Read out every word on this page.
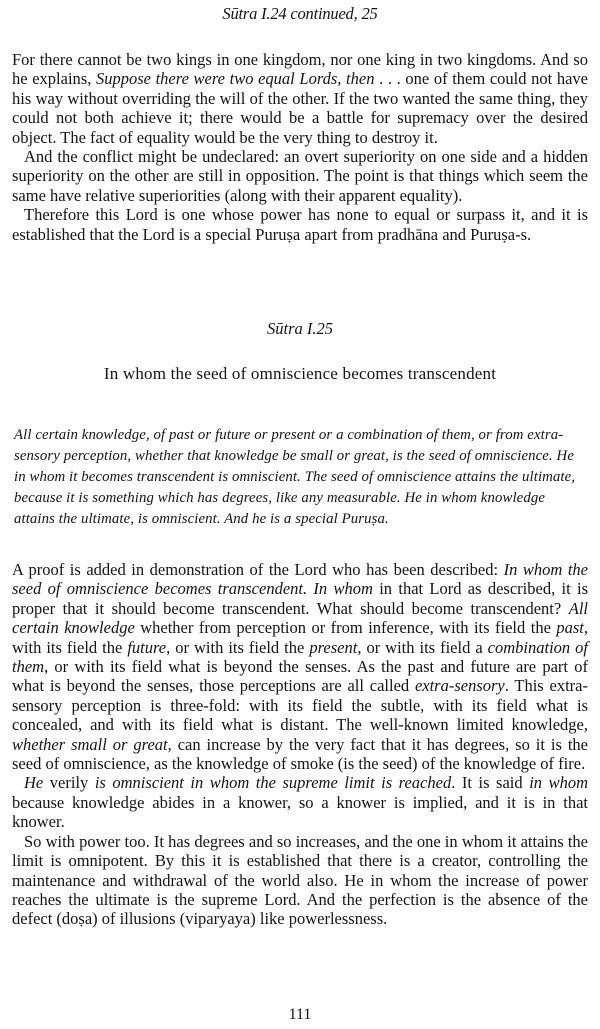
Sūtra I.24 continued, 25

For there cannot be two kings in one kingdom, nor one king in two kingdoms. And so he explains, Suppose there were two equal Lords, then . . . one of them could not have his way without overriding the will of the other. If the two wanted the same thing, they could not both achieve it; there would be a battle for supremacy over the desired object. The fact of equality would be the very thing to destroy it.

And the conflict might be undeclared: an overt superiority on one side and a hidden superiority on the other are still in opposition. The point is that things which seem the same have relative superiorities (along with their apparent equality).

Therefore this Lord is one whose power has none to equal or surpass it, and it is established that the Lord is a special Puruṣa apart from pradhāna and Puruṣa-s.

Sūtra I.25
In whom the seed of omniscience becomes transcendent
All certain knowledge, of past or future or present or a combination of them, or from extra-sensory perception, whether that knowledge be small or great, is the seed of omniscience. He in whom it becomes transcendent is omniscient. The seed of omniscience attains the ultimate, because it is something which has degrees, like any measurable. He in whom knowledge attains the ultimate, is omniscient. And he is a special Puruṣa.

A proof is added in demonstration of the Lord who has been described: In whom the seed of omniscience becomes transcendent. In whom in that Lord as described, it is proper that it should become transcendent. What should become transcendent? All certain knowledge whether from perception or from inference, with its field the past, with its field the future, or with its field the present, or with its field a combination of them, or with its field what is beyond the senses. As the past and future are part of what is beyond the senses, those perceptions are all called extra-sensory. This extra-sensory perception is three-fold: with its field the subtle, with its field what is concealed, and with its field what is distant. The well-known limited knowledge, whether small or great, can increase by the very fact that it has degrees, so it is the seed of omniscience, as the knowledge of smoke (is the seed) of the knowledge of fire.

He verily is omniscient in whom the supreme limit is reached. It is said in whom because knowledge abides in a knower, so a knower is implied, and it is in that knower.

So with power too. It has degrees and so increases, and the one in whom it attains the limit is omnipotent. By this it is established that there is a creator, controlling the maintenance and withdrawal of the world also. He in whom the increase of power reaches the ultimate is the supreme Lord. And the perfection is the absence of the defect (doṣa) of illusions (viparyaya) like powerlessness.

111
